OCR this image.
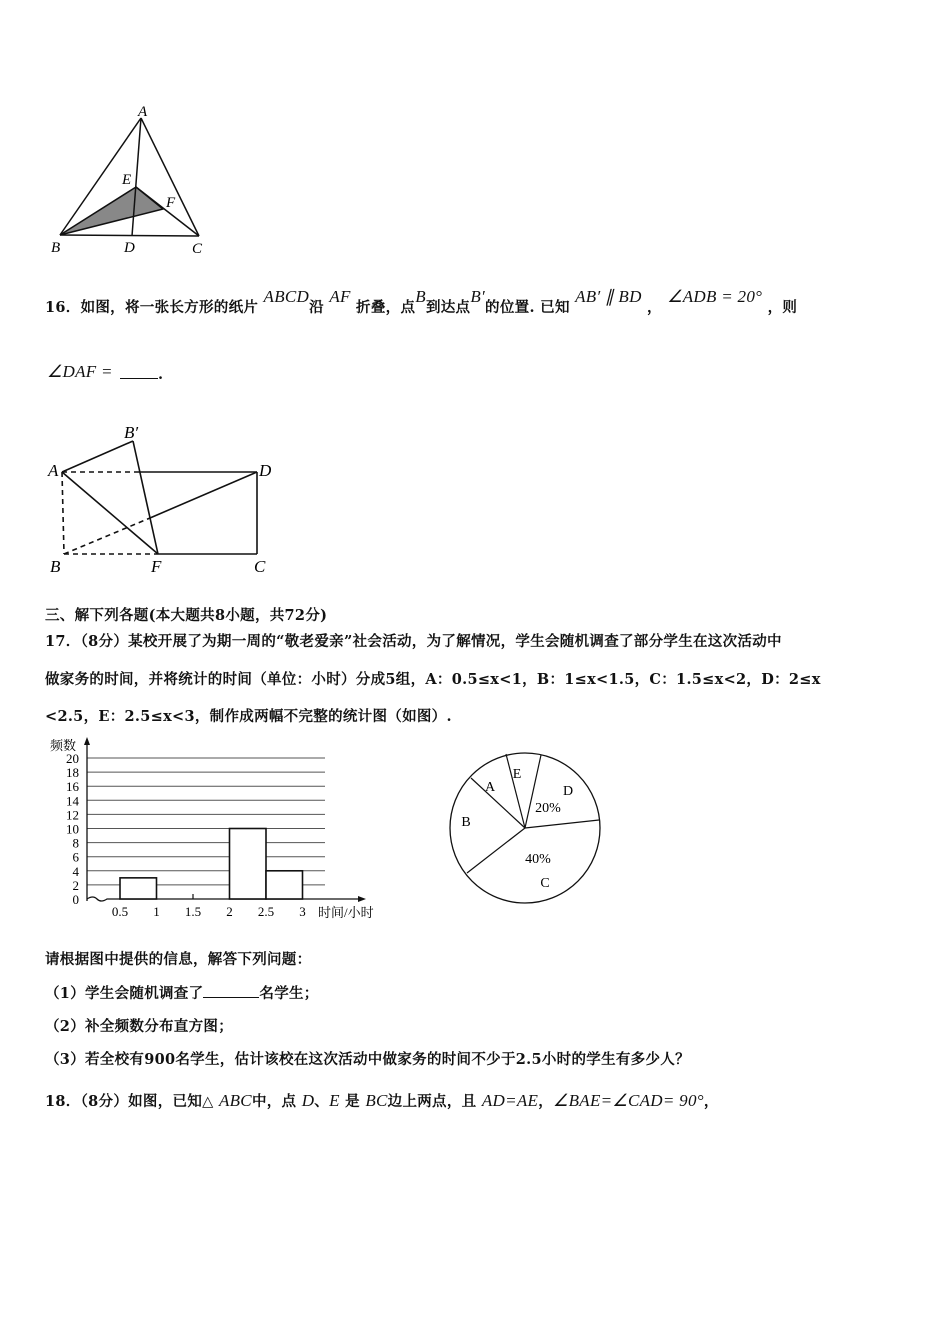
A
B	C
D
E
F
A
B′
D
B	F	C
0
2
4
6
8
10
12
14
16
18
20
0.5 1 1.5 2 2.5 3
频数
时间/小时
A
E
D
20%
C
40%
B
16．如图，将一张长方形的纸片 ABCD沿 AF 折叠，点B到达点B′的位置. 已知 AB′ ∥ BD ， ∠ADB = 20° ，则
∠DAF =	.
三、解下列各题(本大题共8小题，共72分)
17．（8分）某校开展了为期一周的“敬老爱亲”社会活动，为了解情况，学生会随机调查了部分学生在这次活动中
做家务的时间，并将统计的时间（单位：小时）分成5组，A：0.5≤x<1，B：1≤x<1.5，C：1.5≤x<2，D：2≤x
<2.5，E：2.5≤x<3，制作成两幅不完整的统计图（如图）.
请根据图中提供的信息，解答下列问题：
（1）学生会随机调查了	名学生；
（2）补全频数分布直方图；
（3）若全校有900名学生，估计该校在这次活动中做家务的时间不少于2.5小时的学生有多少人？
18．（8分）如图，已知△ ABC中，点 D、E 是 BC边上两点，且 AD=AE，∠BAE=∠CAD= 90°，
